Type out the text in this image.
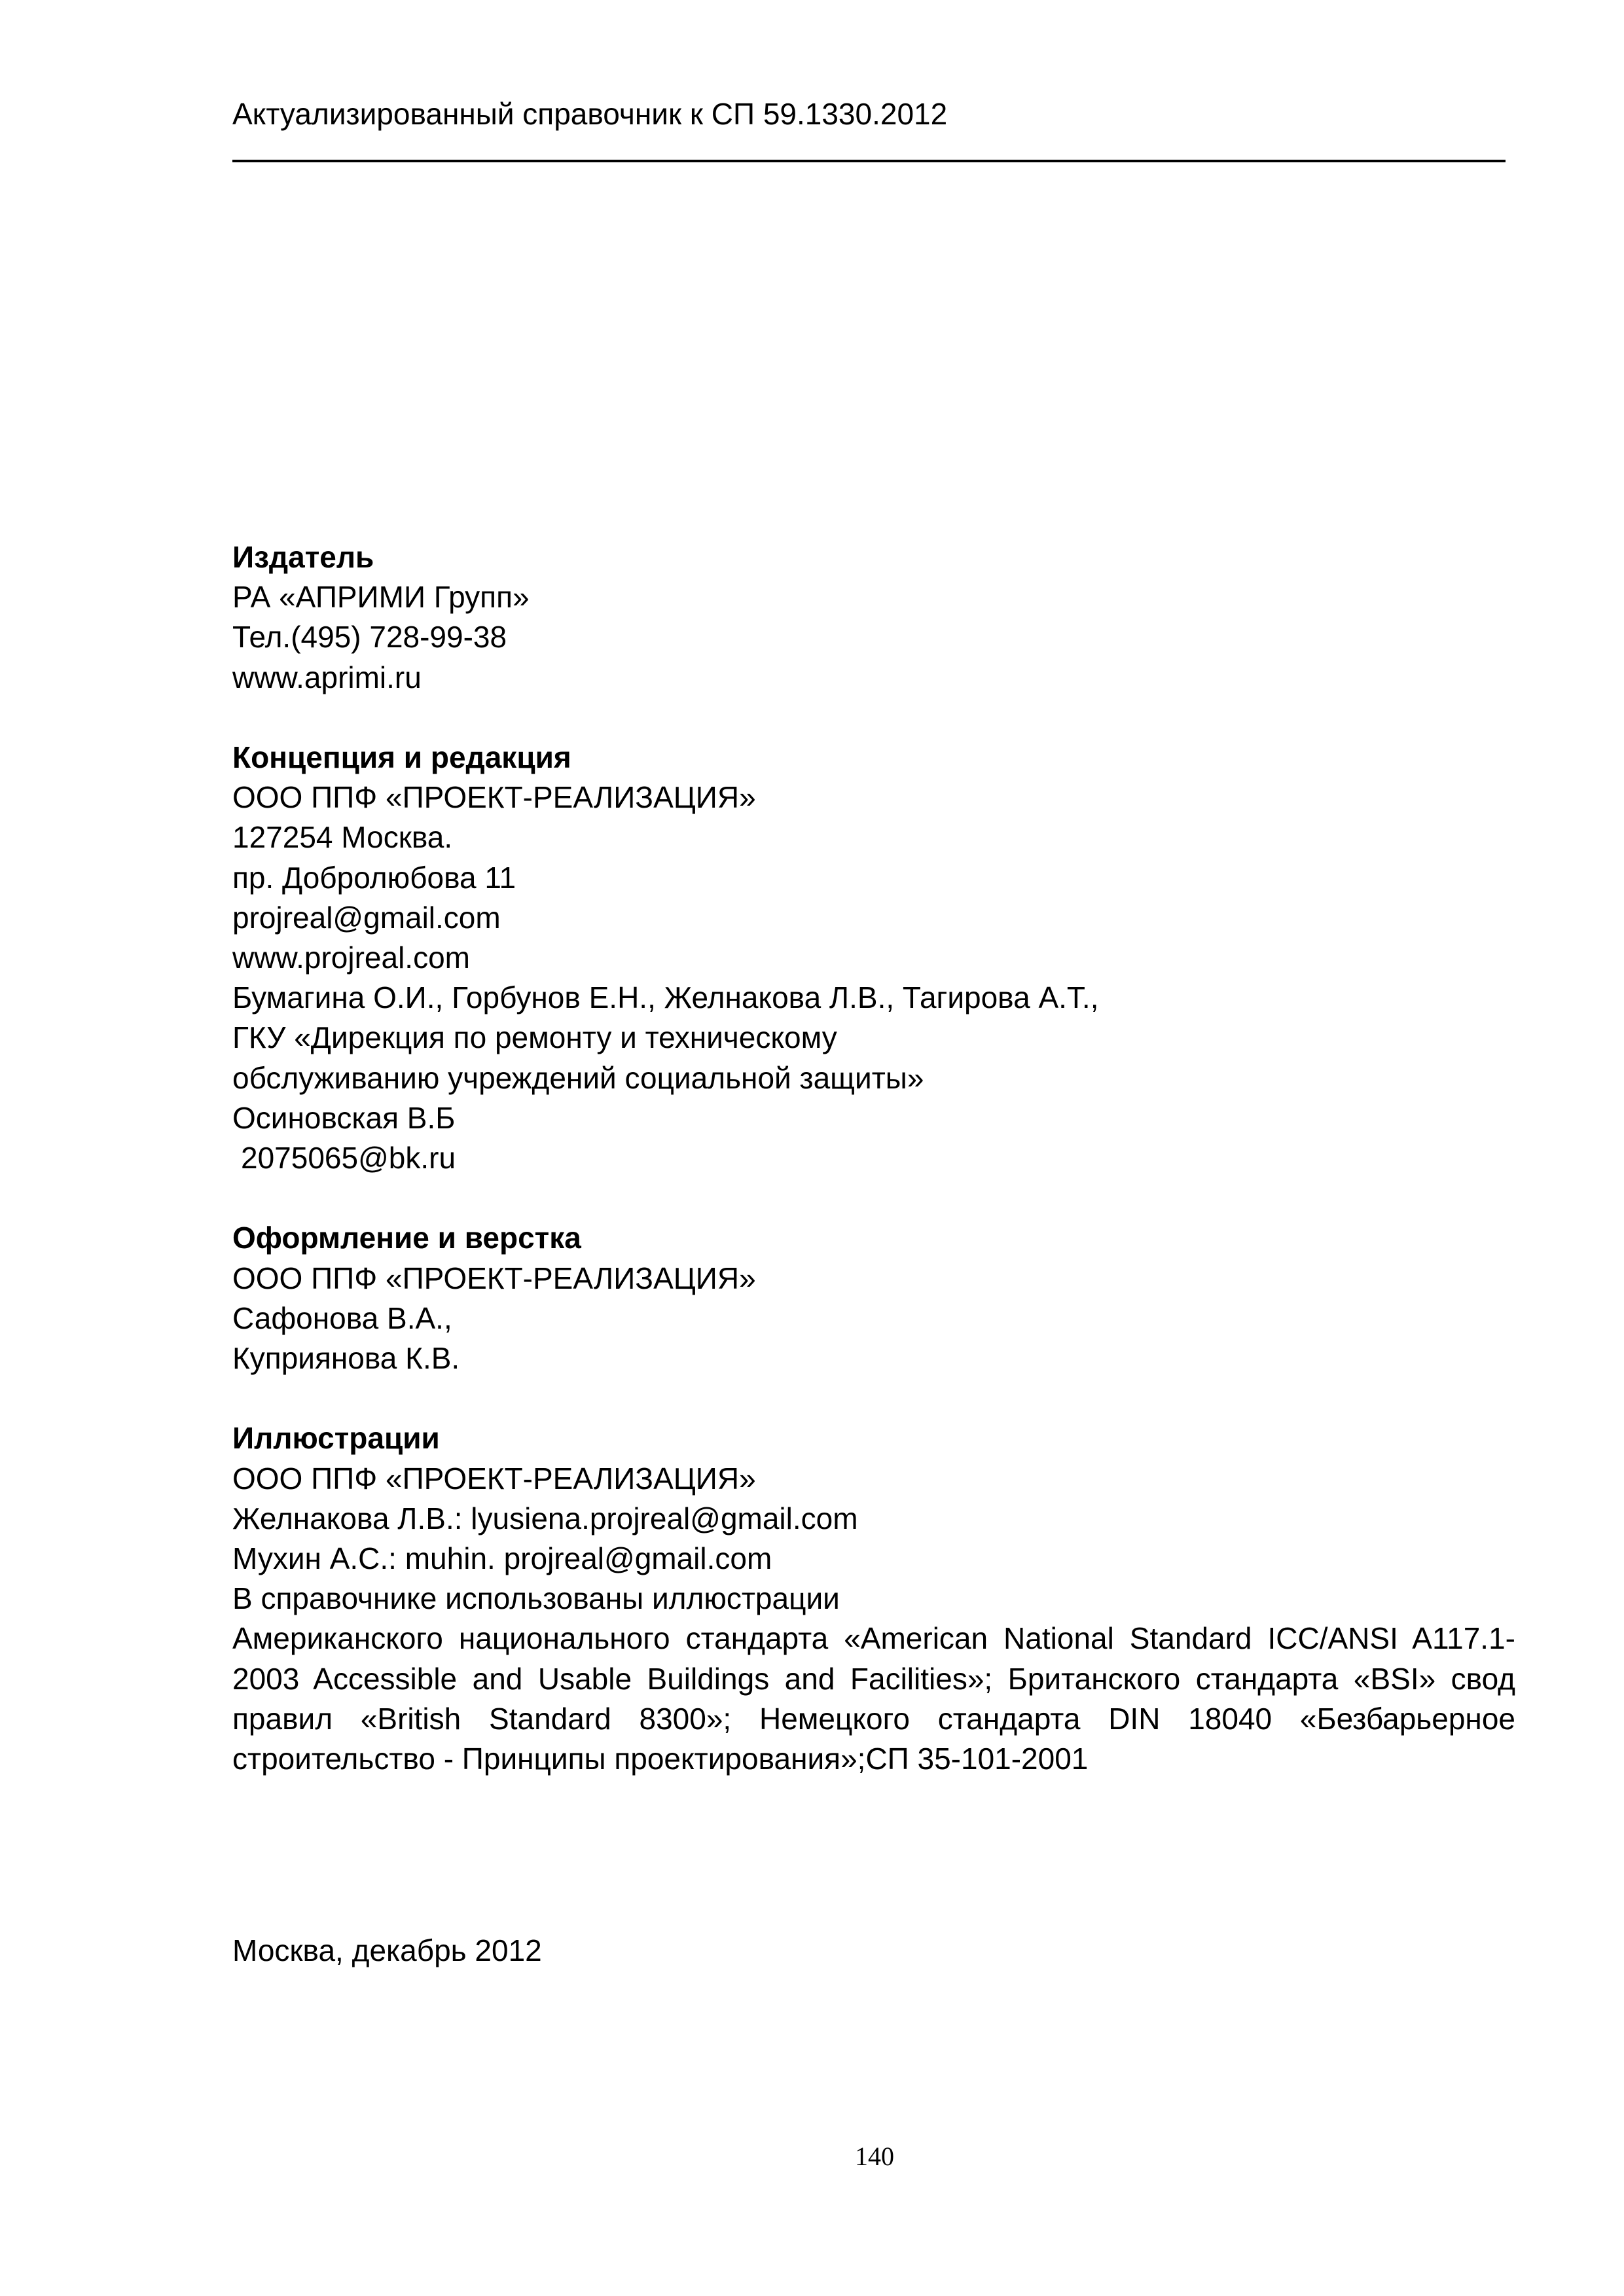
Актуализированный справочник к СП 59.1330.2012
Издатель
РА «АПРИМИ Групп»
Тел.(495) 728-99-38
www.aprimi.ru
Концепция и редакция
ООО ППФ «ПРОЕКТ-РЕАЛИЗАЦИЯ»
127254 Москва.
пр. Добролюбова 11
projreal@gmail.com
www.projreal.com
Бумагина О.И., Горбунов Е.Н., Желнакова Л.В., Тагирова А.Т.,
ГКУ «Дирекция по ремонту и техническому
обслуживанию учреждений социальной защиты»
Осиновская В.Б
2075065@bk.ru
Оформление и верстка
ООО ППФ «ПРОЕКТ-РЕАЛИЗАЦИЯ»
Сафонова В.А.,
Куприянова К.В.
Иллюстрации
ООО ППФ «ПРОЕКТ-РЕАЛИЗАЦИЯ»
Желнакова Л.В.: lyusiena.projreal@gmail.com
Мухин А.С.: muhin. projreal@gmail.com
В справочнике использованы иллюстрации
Американского национального стандарта «American National Standard ICC/ANSI A117.1-2003 Accessible and Usable Buildings and Facilities»; Британского стандарта «BSI» свод правил «British Standard 8300»; Немецкого стандарта DIN 18040 «Безбарьерное строительство - Принципы проектирования»;СП 35-101-2001
Москва, декабрь 2012
140
